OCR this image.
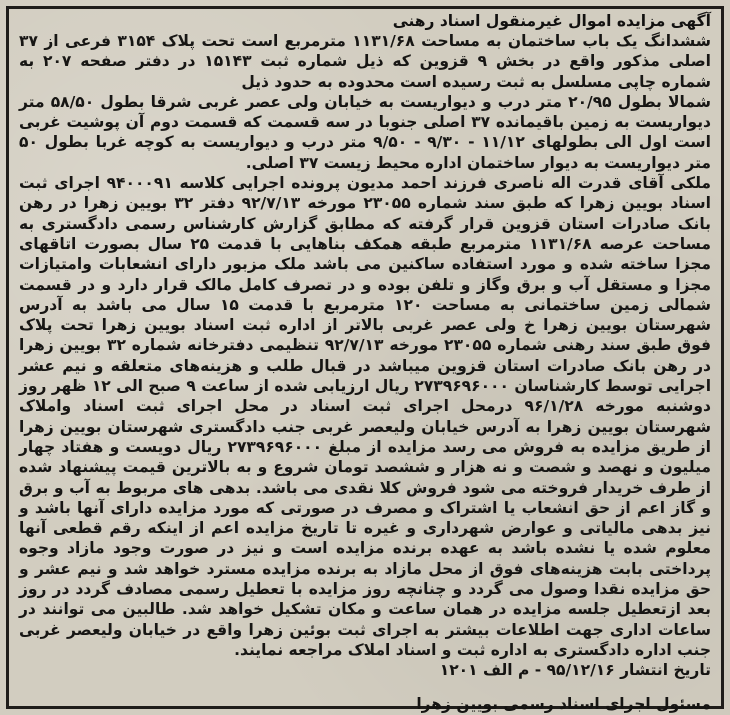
آگهی مزایده اموال غیرمنقول اسناد رهنی

ششدانگ یک باب ساختمان به مساحت ۱۱۳۱/۶۸ مترمربع است تحت پلاک ۳۱۵۴ فرعی از ۳۷ اصلی مذکور واقع در بخش ۹ قزوین که ذیل شماره ثبت ۱۵۱۴۳ در دفتر صفحه ۲۰۷ به شماره چاپی مسلسل به ثبت رسیده است محدوده به حدود ذیل
شمالا بطول ۲۰/۹۵ متر درب و دیواریست به خیابان ولی عصر غربی شرقا بطول ۵۸/۵۰ متر دیواریست به زمین باقیمانده ۳۷ اصلی جنوبا در سه قسمت که قسمت دوم آن پوشیت غربی است اول الی بطولهای ۱۱/۱۲ - ۹/۳۰ - ۹/۵۰ متر درب و دیواریست به کوچه غربا بطول ۵۰ متر دیواریست به دیوار ساختمان اداره محیط زیست ۳۷ اصلی.
ملکی آقای قدرت اله ناصری فرزند احمد مدیون پرونده اجرایی کلاسه ۹۴۰۰۰۹۱ اجرای ثبت اسناد بویین زهرا که طبق سند شماره ۲۳۰۵۵ مورخه ۹۲/۷/۱۳ دفتر ۳۲ بویین زهرا در رهن بانک صادرات استان قزوین قرار گرفته که مطابق گزارش کارشناس رسمی دادگستری به مساحت عرصه ۱۱۳۱/۶۸ مترمربع طبقه همکف بناهایی با قدمت ۲۵ سال بصورت اتاقهای مجزا ساخته شده و مورد استفاده ساکنین می باشد ملک مزبور دارای انشعابات وامتیازات مجزا و مستقل آب و برق وگاز و تلفن بوده و در تصرف کامل مالک قرار دارد و در قسمت شمالی زمین ساختمانی به مساحت ۱۲۰ مترمربع با قدمت ۱۵ سال می باشد به آدرس شهرستان بویین زهرا خ ولی عصر غربی بالاتر از اداره ثبت اسناد بویین زهرا تحت پلاک فوق طبق سند رهنی شماره ۲۳۰۵۵ مورخه ۹۲/۷/۱۳ تنظیمی دفترخانه شماره ۳۲ بویین زهرا در رهن بانک صادرات استان قزوین میباشد در قبال طلب و هزینه‌های متعلقه و نیم عشر اجرایی توسط کارشناسان ۲۷۳۹۶۹۶۰۰۰ ریال ارزیابی شده از ساعت ۹ صبح الی ۱۲ ظهر روز دوشنبه مورخه ۹۶/۱/۲۸ درمحل اجرای ثبت اسناد در محل اجرای ثبت اسناد واملاک شهرستان بویین زهرا به آدرس خیابان ولیعصر غربی جنب دادگستری شهرستان بویین زهرا از طریق مزایده به فروش می رسد مزایده از مبلغ ۲۷۳۹۶۹۶۰۰۰ ریال دویست و هفتاد چهار میلیون و نهصد و شصت و نه هزار و ششصد تومان شروع و به بالاترین قیمت پیشنهاد شده از طرف خریدار فروخته می شود فروش کلا نقدی می باشد. بدهی های مربوط به آب و برق و گاز اعم از حق انشعاب یا اشتراک و مصرف در صورتی که مورد مزایده دارای آنها باشد و نیز بدهی مالیاتی و عوارض شهرداری و غیره تا تاریخ مزایده اعم از اینکه رقم قطعی آنها معلوم شده یا نشده باشد به عهده برنده مزایده است و نیز در صورت وجود مازاد وجوه پرداختی بابت هزینه‌های فوق از محل مازاد به برنده مزایده مسترد خواهد شد و نیم عشر و حق مزایده نقدا وصول می گردد و چنانچه روز مزایده با تعطیل رسمی مصادف گردد در روز بعد ازتعطیل جلسه مزایده در همان ساعت و مکان تشکیل خواهد شد. طالبین می توانند در ساعات اداری جهت اطلاعات بیشتر به اجرای ثبت بوئین زهرا واقع در خیابان ولیعصر غربی جنب اداره دادگستری به اداره ثبت و اسناد املاک مراجعه نمایند.

تاریخ انتشار ۹۵/۱۲/۱۶ - م الف ۱۲۰۱

مسئول اجرای اسناد رسمی بویین زهرا
